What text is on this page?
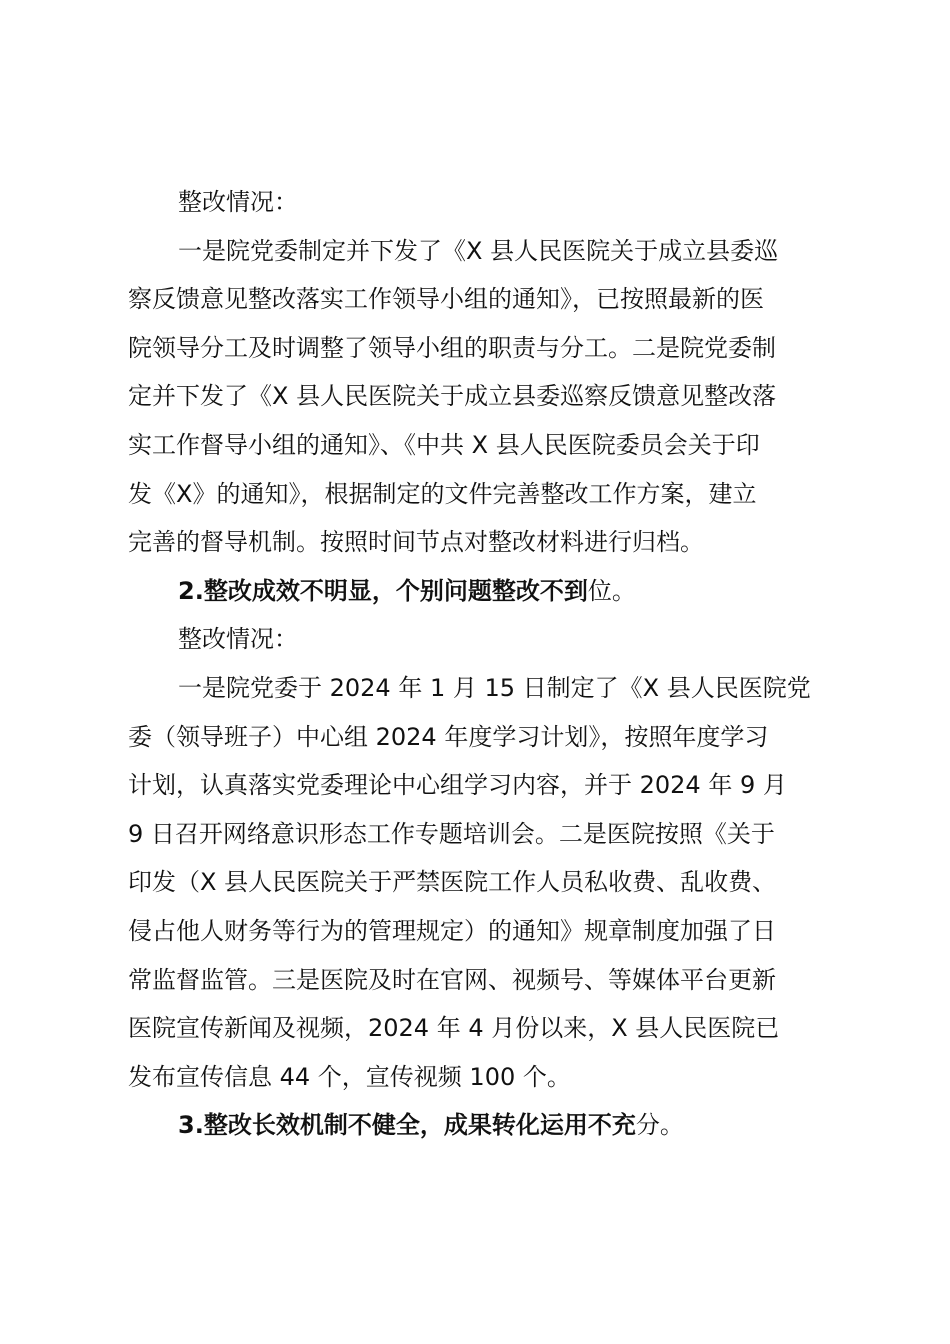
整改情况：
一是院党委制定并下发了《X 县人民医院关于成立县委巡
察反馈意见整改落实工作领导小组的通知》，已按照最新的医
院领导分工及时调整了领导小组的职责与分工。二是院党委制
定并下发了《X 县人民医院关于成立县委巡察反馈意见整改落
实工作督导小组的通知》、《中共 X 县人民医院委员会关于印
发《X》的通知》，根据制定的文件完善整改工作方案，建立
完善的督导机制。按照时间节点对整改材料进行归档。
2.整改成效不明显，个别问题整改不到位。
整改情况：
一是院党委于 2024 年 1 月 15 日制定了《X 县人民医院党
委（领导班子）中心组 2024 年度学习计划》，按照年度学习
计划，认真落实党委理论中心组学习内容，并于 2024 年 9 月
9 日召开网络意识形态工作专题培训会。二是医院按照《关于
印发（X 县人民医院关于严禁医院工作人员私收费、乱收费、
侵占他人财务等行为的管理规定）的通知》规章制度加强了日
常监督监管。三是医院及时在官网、视频号、等媒体平台更新
医院宣传新闻及视频，2024 年 4 月份以来，X 县人民医院已
发布宣传信息 44 个，宣传视频 100 个。
3.整改长效机制不健全，成果转化运用不充分。
